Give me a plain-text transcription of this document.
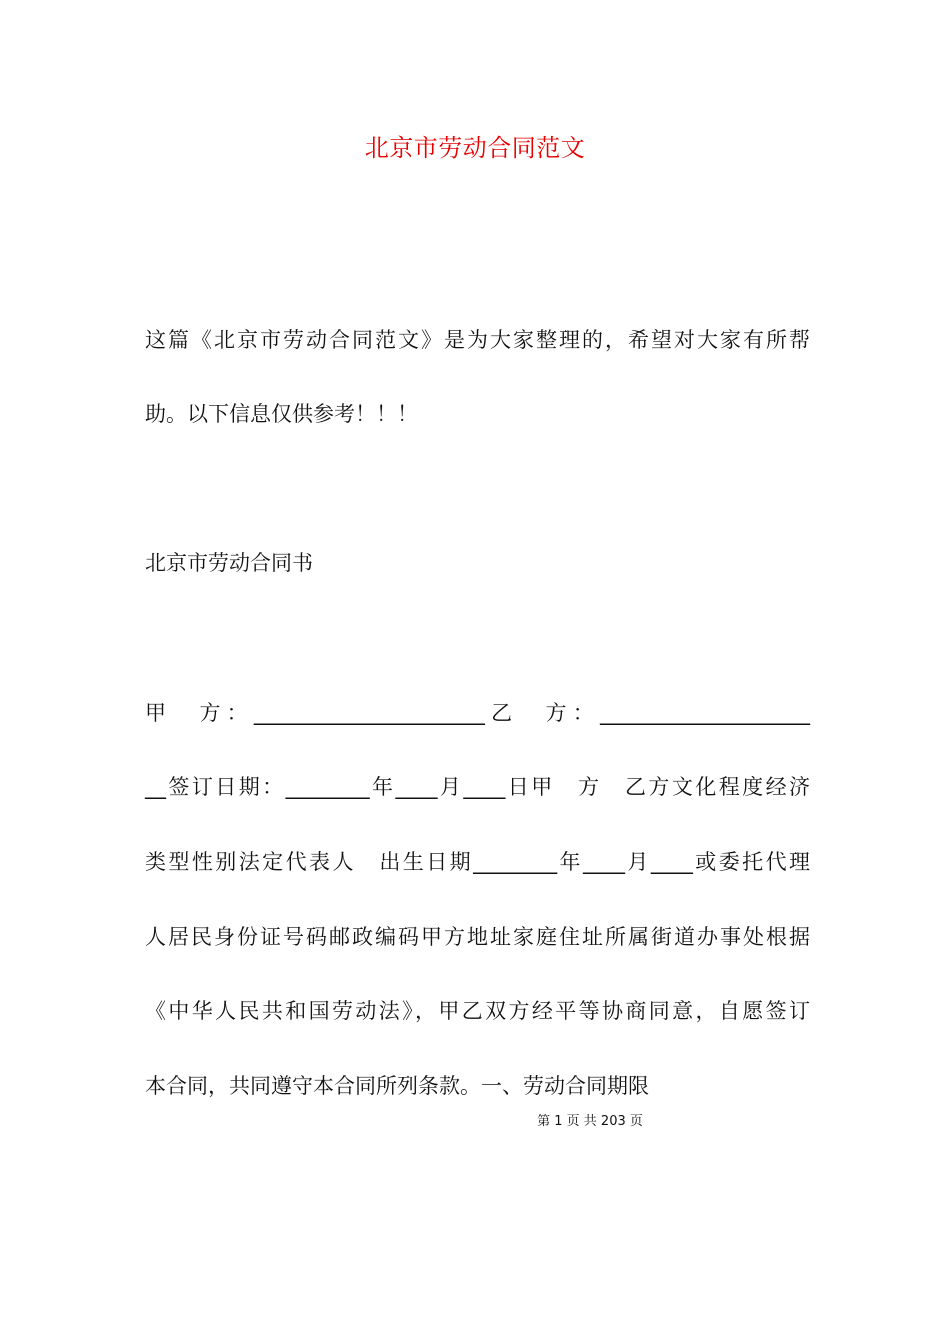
北京市劳动合同范文
这篇《北京市劳动合同范文》是为大家整理的，希望对大家有所帮
助。以下信息仅供参考！！！
北京市劳动合同书
甲　方：______________________乙　方：____________________
__签订日期：________年____月____日甲　方　乙方文化程度经济
类型性别法定代表人　出生日期________年____月____或委托代理
人居民身份证号码邮政编码甲方地址家庭住址所属街道办事处根据
《中华人民共和国劳动法》，甲乙双方经平等协商同意，自愿签订
本合同，共同遵守本合同所列条款。一、劳动合同期限
第 1 页 共 203 页
